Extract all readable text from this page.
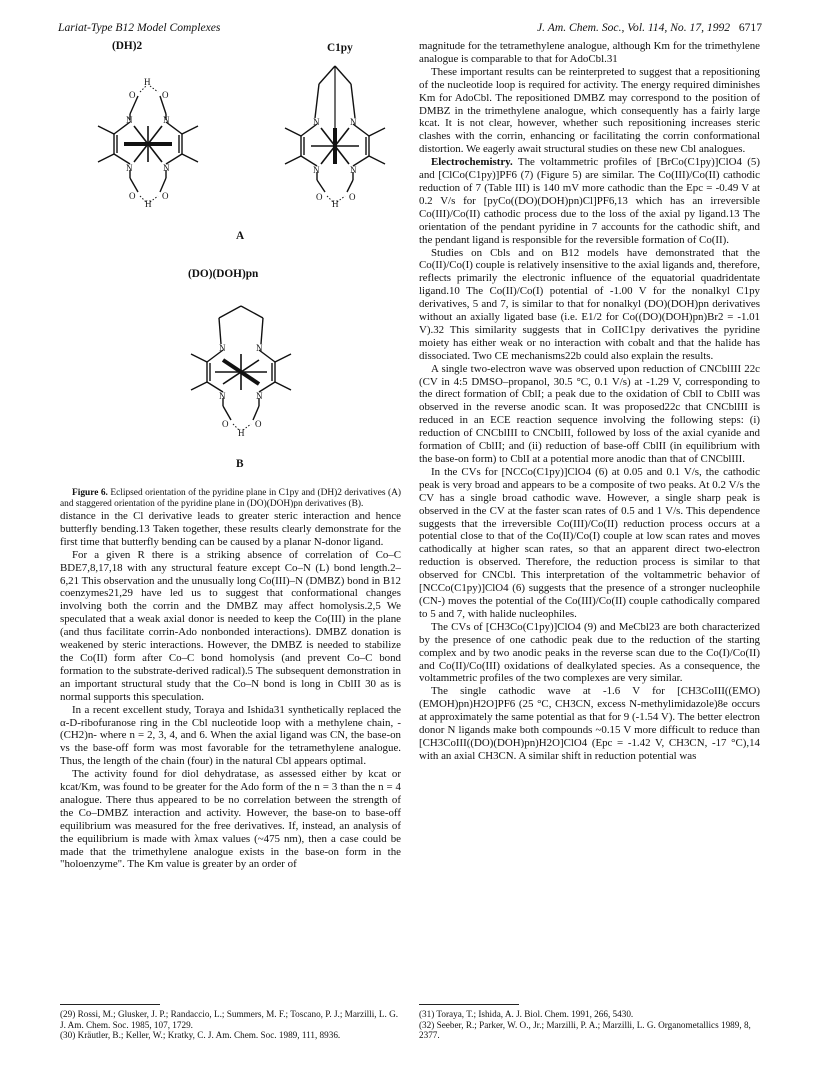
Lariat-Type B12 Model Complexes	J. Am. Chem. Soc., Vol. 114, No. 17, 1992 6717
(DH)2	C1py
H
O	O
N	N
N	N
O	O
H
N	N
N	N
O	O
H
A
(DO)(DOH)pn
N	N
N	N
O	O
H
B

Figure 6. Eclipsed orientation of the pyridine plane in C1py and (DH)2 derivatives (A) and staggered orientation of the pyridine plane in (DO)(DOH)pn derivatives (B).

distance in the Cl derivative leads to greater steric interaction and hence butterfly bending.13 Taken together, these results clearly demonstrate for the first time that butterfly bending can be caused by a planar N-donor ligand.

For a given R there is a striking absence of correlation of Co–C BDE7,8,17,18 with any structural feature except Co–N (L) bond length.2–6,21 This observation and the unusually long Co(III)–N (DMBZ) bond in B12 coenzymes21,29 have led us to suggest that conformational changes involving both the corrin and the DMBZ may affect homolysis.2,5 We speculated that a weak axial donor is needed to keep the Co(III) in the plane (and thus facilitate corrin-Ado nonbonded interactions). DMBZ donation is weakened by steric interactions. However, the DMBZ is needed to stabilize the Co(II) form after Co–C bond homolysis (and prevent Co–C bond formation to the substrate-derived radical).5 The subsequent demonstration in an important structural study that the Co–N bond is long in CblII 30 as is normal supports this speculation.

In a recent excellent study, Toraya and Ishida31 synthetically replaced the α-D-ribofuranose ring in the Cbl nucleotide loop with a methylene chain, -(CH2)n- where n = 2, 3, 4, and 6. When the axial ligand was CN, the base-on vs the base-off form was most favorable for the tetramethylene analogue. Thus, the length of the chain (four) in the natural Cbl appears optimal.

The activity found for diol dehydratase, as assessed either by kcat or kcat/Km, was found to be greater for the Ado form of the n = 3 than the n = 4 analogue. There thus appeared to be no correlation between the strength of the Co–DMBZ interaction and activity. However, the base-on to base-off equilibrium was measured for the free derivatives. If, instead, an analysis of the equilibrium is made with λmax values (~475 nm), then a case could be made that the trimethylene analogue exists in the base-on form in the "holoenzyme". The Km value is greater by an order of

magnitude for the tetramethylene analogue, although Km for the trimethylene analogue is comparable to that for AdoCbl.31

These important results can be reinterpreted to suggest that a repositioning of the nucleotide loop is required for activity. The energy required diminishes Km for AdoCbl. The repositioned DMBZ may correspond to the position of DMBZ in the trimethylene analogue, which consequently has a fairly large kcat. It is not clear, however, whether such repositioning increases steric clashes with the corrin, enhancing or facilitating the corrin conformational distortion. We eagerly await structural studies on these new Cbl analogues.

Electrochemistry. The voltammetric profiles of [BrCo(C1py)]ClO4 (5) and [ClCo(C1py)]PF6 (7) (Figure 5) are similar. The Co(III)/Co(II) cathodic reduction of 7 (Table III) is 140 mV more cathodic than the Epc = -0.49 V at 0.2 V/s for [pyCo((DO)(DOH)pn)Cl]PF6,13 which has an irreversible Co(III)/Co(II) cathodic process due to the loss of the axial py ligand.13 The orientation of the pendant pyridine in 7 accounts for the cathodic shift, and the pendant ligand is responsible for the reversible formation of Co(II).

Studies on Cbls and on B12 models have demonstrated that the Co(II)/Co(I) couple is relatively insensitive to the axial ligands and, therefore, reflects primarily the electronic influence of the equatorial quadridentate ligand.10 The Co(II)/Co(I) potential of -1.00 V for the nonalkyl C1py derivatives, 5 and 7, is similar to that for nonalkyl (DO)(DOH)pn derivatives without an axially ligated base (i.e. E1/2 for Co((DO)(DOH)pn)Br2 = -1.01 V).32 This similarity suggests that in CoIIC1py derivatives the pyridine moiety has either weak or no interaction with cobalt and that the halide has dissociated. Two CE mechanisms22b could also explain the results.

A single two-electron wave was observed upon reduction of CNCblIII 22c (CV in 4:5 DMSO–propanol, 30.5 °C, 0.1 V/s) at -1.29 V, corresponding to the direct formation of CblI; a peak due to the oxidation of CblI to CblII was observed in the reverse anodic scan. It was proposed22c that CNCblIII is reduced in an ECE reaction sequence involving the following steps: (i) reduction of CNCblIII to CNCblII, followed by loss of the axial cyanide and formation of CblII; and (ii) reduction of base-off CblII (in equilibrium with the base-on form) to CblI at a potential more anodic than that of CNCblIII.

In the CVs for [NCCo(C1py)]ClO4 (6) at 0.05 and 0.1 V/s, the cathodic peak is very broad and appears to be a composite of two peaks. At 0.2 V/s the CV has a single broad cathodic wave. However, a single sharp peak is observed in the CV at the faster scan rates of 0.5 and 1 V/s. This dependence suggests that the irreversible Co(III)/Co(II) reduction process occurs at a potential close to that of the Co(II)/Co(I) couple at low scan rates and moves cathodically at higher scan rates, so that an apparent direct two-electron reduction is observed. Therefore, the reduction process is similar to that observed for CNCbl. This interpretation of the voltammetric behavior of [NCCo(C1py)]ClO4 (6) suggests that the presence of a stronger nucleophile (CN-) moves the potential of the Co(III)/Co(II) couple cathodically compared to 5 and 7, with halide nucleophiles.

The CVs of [CH3Co(C1py)]ClO4 (9) and MeCbl23 are both characterized by the presence of one cathodic peak due to the reduction of the starting complex and by two anodic peaks in the reverse scan due to the Co(I)/Co(II) and Co(II)/Co(III) oxidations of dealkylated species. As a consequence, the voltammetric profiles of the two complexes are very similar.

The single cathodic wave at -1.6 V for [CH3CoIII((EMO)(EMOH)pn)H2O]PF6 (25 °C, CH3CN, excess N-methylimidazole)8e occurs at approximately the same potential as that for 9 (-1.54 V). The better electron donor N ligands make both compounds ~0.15 V more difficult to reduce than [CH3CoIII((DO)(DOH)pn)H2O]ClO4 (Epc = -1.42 V, CH3CN, -17 °C),14 with an axial CH3CN. A similar shift in reduction potential was

(29) Rossi, M.; Glusker, J. P.; Randaccio, L.; Summers, M. F.; Toscano, P. J.; Marzilli, L. G. J. Am. Chem. Soc. 1985, 107, 1729.

(30) Kräutler, B.; Keller, W.; Kratky, C. J. Am. Chem. Soc. 1989, 111, 8936.

(31) Toraya, T.; Ishida, A. J. Biol. Chem. 1991, 266, 5430.

(32) Seeber, R.; Parker, W. O., Jr.; Marzilli, P. A.; Marzilli, L. G. Organometallics 1989, 8, 2377.
